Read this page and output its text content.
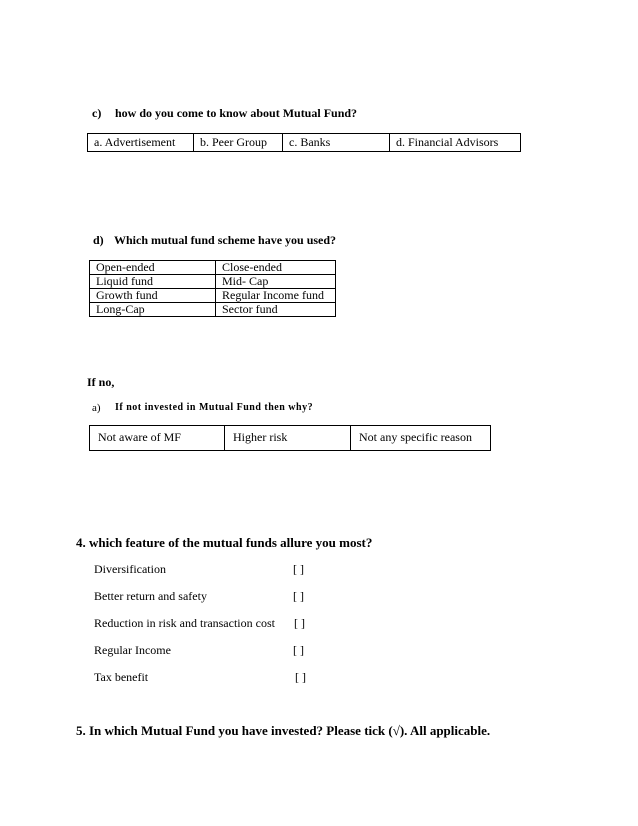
c) how do you come to know about Mutual Fund?
a. Advertisement	b. Peer Group	c. Banks	d. Financial Advisors
d) Which mutual fund scheme have you used?
Open-ended	Close-ended
Liquid fund	Mid- Cap
Growth fund	Regular Income fund
Long-Cap	Sector fund
If no,
a) If not invested in Mutual Fund then why?
Not aware of MF	Higher risk	Not any specific reason
4. which feature of the mutual funds allure you most?
Diversification	[ ]
Better return and safety	[ ]
Reduction in risk and transaction cost [ ]
Regular Income	[ ]
Tax benefit	[ ]
5. In which Mutual Fund you have invested? Please tick (√). All applicable.
